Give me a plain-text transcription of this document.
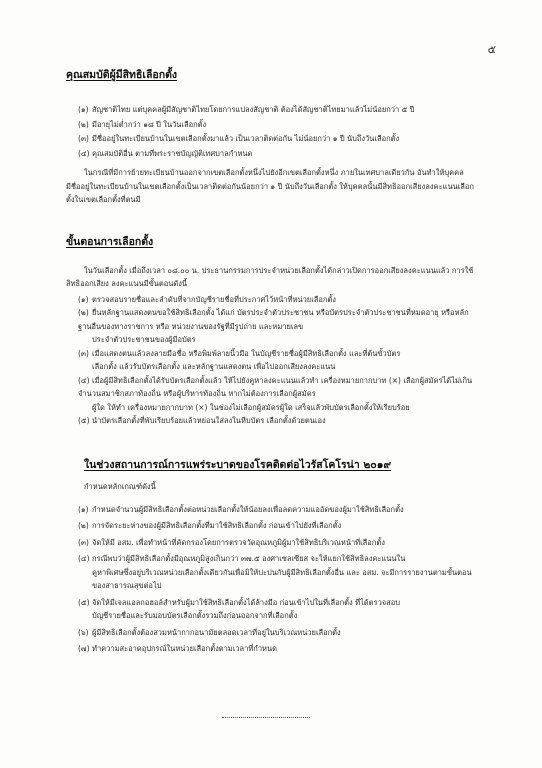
๕
คุณสมบัติผู้มีสิทธิเลือกตั้ง
(๑) สัญชาติไทย แต่บุคคลผู้มีสัญชาติไทยโดยการแปลงสัญชาติ ต้องได้สัญชาติไทยมาแล้วไม่น้อยกว่า ๕ ปี
(๒) มีอายุไม่ต่ำกว่า ๑๘ ปี ในวันเลือกตั้ง
(๓) มีชื่ออยู่ในทะเบียนบ้านในเขตเลือกตั้งมาแล้ว เป็นเวลาติดต่อกัน ไม่น้อยกว่า ๑ ปี นับถึงวันเลือกตั้ง
(๔) คุณสมบัติอื่น ตามที่พระราชบัญญัติเทศบาลกำหนด

ในกรณีที่มีการย้ายทะเบียนบ้านออกจากเขตเลือกตั้งหนึ่งไปยังอีกเขตเลือกตั้งหนึ่ง ภายในเทศบาลเดียวกัน อันทำให้บุคคลมีชื่ออยู่ในทะเบียนบ้านในเขตเลือกตั้งเป็นเวลาติดต่อกันน้อยกว่า ๑ ปี นับถึงวันเลือกตั้ง ให้บุคคลนั้นมีสิทธิออกเสียงลงคะแนนเลือกตั้งในเขตเลือกตั้งที่ตนมี

ขั้นตอนการเลือกตั้ง

ในวันเลือกตั้ง เมื่อถึงเวลา ๐๘.๐๐ น. ประธานกรรมการประจำหน่วยเลือกตั้งได้กล่าวเปิดการออกเสียงลงคะแนนแล้ว การใช้สิทธิออกเสียง ลงคะแนนมีขั้นตอนดังนี้

(๑) ตรวจสอบรายชื่อและลำดับที่จากบัญชีรายชื่อที่ประกาศไว้หน้าที่หน่วยเลือกตั้ง
(๒) ยื่นหลักฐานแสดงตนขอใช้สิทธิเลือกตั้ง ได้แก่ บัตรประจำตัวประชาชน หรือบัตรประจำตัวประชาชนที่หมดอายุ หรือหลักฐานอื่นของทางราชการ หรือ หน่วยงานของรัฐที่มีรูปถ่าย และหมายเลข
ประจำตัวประชาชนของผู้มีอบัตร
(๓) เมื่อแสดงตนแล้วลงลายมือชื่อ หรือพิมพ์ลายนิ้วมือ ในบัญชีรายชื่อผู้มีสิทธิเลือกตั้ง และที่ต้นขั้วบัตร
เลือกตั้ง แล้วรับบัตรเลือกตั้ง และหลักฐานแสดงตน เพื่อไปออกเสียงลงคะแนน
(๔) เมื่อผู้มีสิทธิเลือกตั้งได้รับบัตรเลือกตั้งแล้ว ให้ไปยังคูหาลงคะแนนแล้วทำ เครื่องหมายกากบาท (×) เลือกผู้สมัครได้ไม่เกิน จำนวนสมาชิกสภาท้องถิ่น หรือผู้บริหารท้องถิ่น หากไม่ต้องการเลือกผู้สมัคร
ผู้ใด ให้ทำ เครื่องหมายกากบาท (×) ในช่องไม่เลือกผู้สมัครผู้ใด เสร็จแล้วพับบัตรเลือกตั้งให้เรียบร้อย
(๕) นำบัตรเลือกตั้งที่พับเรียบร้อยแล้วหย่อนใส่ลงในหีบบัตร เลือกตั้งด้วยตนเอง
ในช่วงสถานการณ์การแพร่ระบาดของโรคติดต่อไวรัสโคโรน่า ๒๐๑๙

กำหนดหลักเกณฑ์ดังนี้

(๑) กำหนดจำนวนผู้มีสิทธิเลือกตั้งต่อหน่วยเลือกตั้งให้น้อยลงเพื่อลดความแออัดของผู้มาใช้สิทธิเลือกตั้ง
(๒) การจัดระยะห่างของผู้มีสิทธิเลือกตั้งที่มาใช้สิทธิเลือกตั้ง ก่อนเข้าไปยังที่เลือกตั้ง
(๓) จัดให้มี อสม. เพื่อทำหน้าที่คัดกรองโดยการตรวจวัดอุณหภูมิผู้มาใช้สิทธิบริเวณหน้าที่เลือกตั้ง
(๔) กรณีพบว่าผู้มีสิทธิเลือกตั้งมีอุณหภูมิสูงเกินกว่า ๓๗.๕ องศาเซลเซียส จะให้แยกใช้สิทธิลงคะแนนใน
คูหาพิเศษซึ่งอยู่บริเวณหน่วยเลือกตั้งเดียวกันเพื่อมิให้ปะปนกับผู้มีสิทธิเลือกตั้งอื่น และ อสม. จะมีการรายงานตามขั้นตอนของสาธารณสุขต่อไป
(๕) จัดให้มีเจลแอลกอฮอล์สำหรับผู้มาใช้สิทธิเลือกตั้งได้ล้างมือ ก่อนเข้าไปในที่เลือกตั้ง ที่ได้ตรวจสอบ
บัญชีรายชื่อและรับมอบบัตรเลือกตั้งรวมถึงก่อนออกจากที่เลือกตั้ง
(๖) ผู้มีสิทธิเลือกตั้งต้องสวมหน้ากากอนามัยตลอดเวลาที่อยู่ในบริเวณหน่วยเลือกตั้ง
(๗) ทำความสะอาดอุปกรณ์ในหน่วยเลือกตั้งตามเวลาที่กำหนด
